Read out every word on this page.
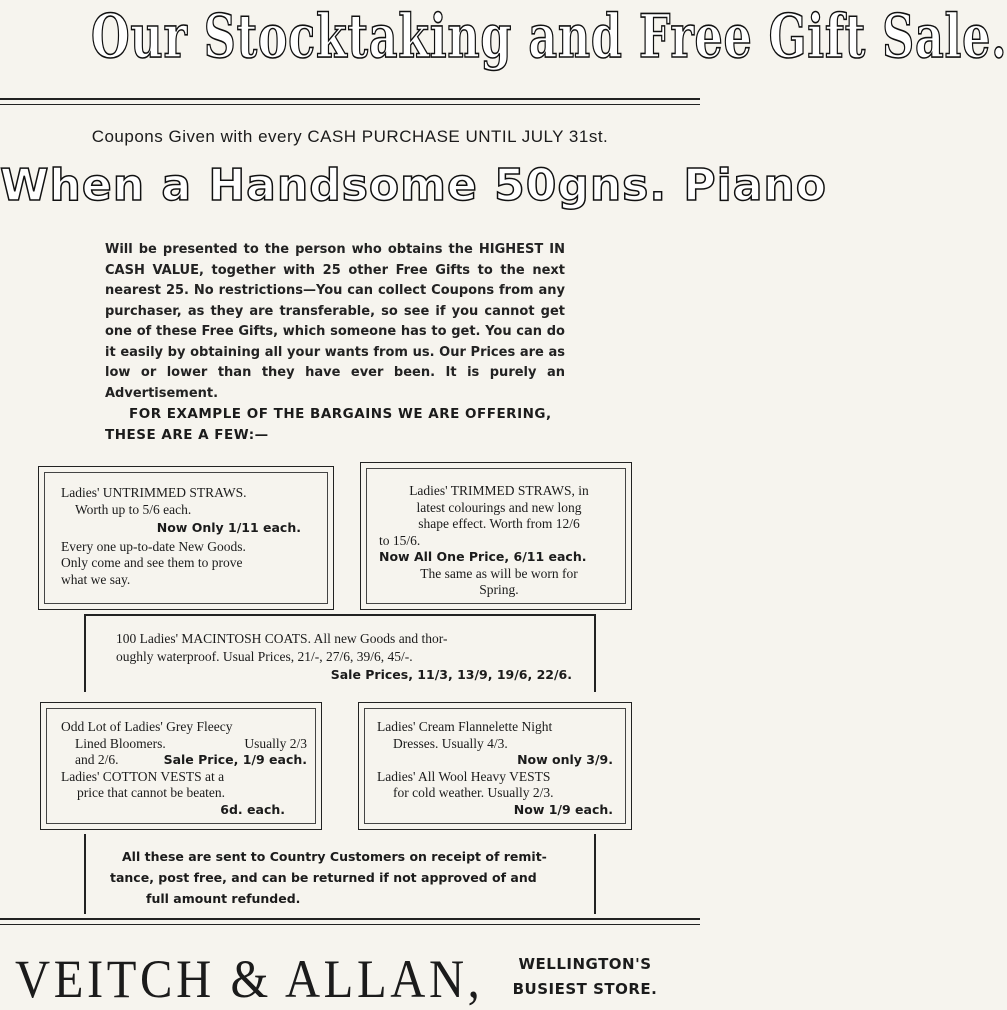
Our Stocktaking and Free Gift Sale.
Coupons Given with every CASH PURCHASE UNTIL JULY 31st.
When a Handsome 50gns. Piano
Will be presented to the person who obtains the HIGHEST IN CASH VALUE, together with 25 other Free Gifts to the next nearest 25. No restrictions—You can collect Coupons from any purchaser, as they are transferable, so see if you cannot get one of these Free Gifts, which someone has to get. You can do it easily by obtaining all your wants from us. Our Prices are as low or lower than they have ever been. It is purely an Advertisement.
FOR EXAMPLE OF THE BARGAINS WE ARE OFFERING,
THESE ARE A FEW:—

Ladies' UNTRIMMED STRAWS.

Worth up to 5/6 each.

Now Only 1/11 each.

Every one up-to-date New Goods.

Only come and see them to prove

what we say.

Ladies' TRIMMED STRAWS, in

latest colourings and new long

shape effect. Worth from 12/6

to 15/6.

Now All One Price, 6/11 each.

The same as will be worn for

Spring.

100 Ladies' MACINTOSH COATS. All new Goods and thor-

oughly waterproof. Usual Prices, 21/-, 27/6, 39/6, 45/-.

Sale Prices, 11/3, 13/9, 19/6, 22/6.

Odd Lot of Ladies' Grey Fleecy

Lined Bloomers.	Usually 2/3

and 2/6.	Sale Price, 1/9 each.

Ladies' COTTON VESTS at a

price that cannot be beaten.

6d. each.

Ladies' Cream Flannelette Night

Dresses. Usually 4/3.

Now only 3/9.

Ladies' All Wool Heavy VESTS

for cold weather. Usually 2/3.

Now 1/9 each.

All these are sent to Country Customers on receipt of remit-

tance, post free, and can be returned if not approved of and

full amount refunded.

VEITCH & ALLAN,	WELLINGTON'S
BUSIEST STORE.
